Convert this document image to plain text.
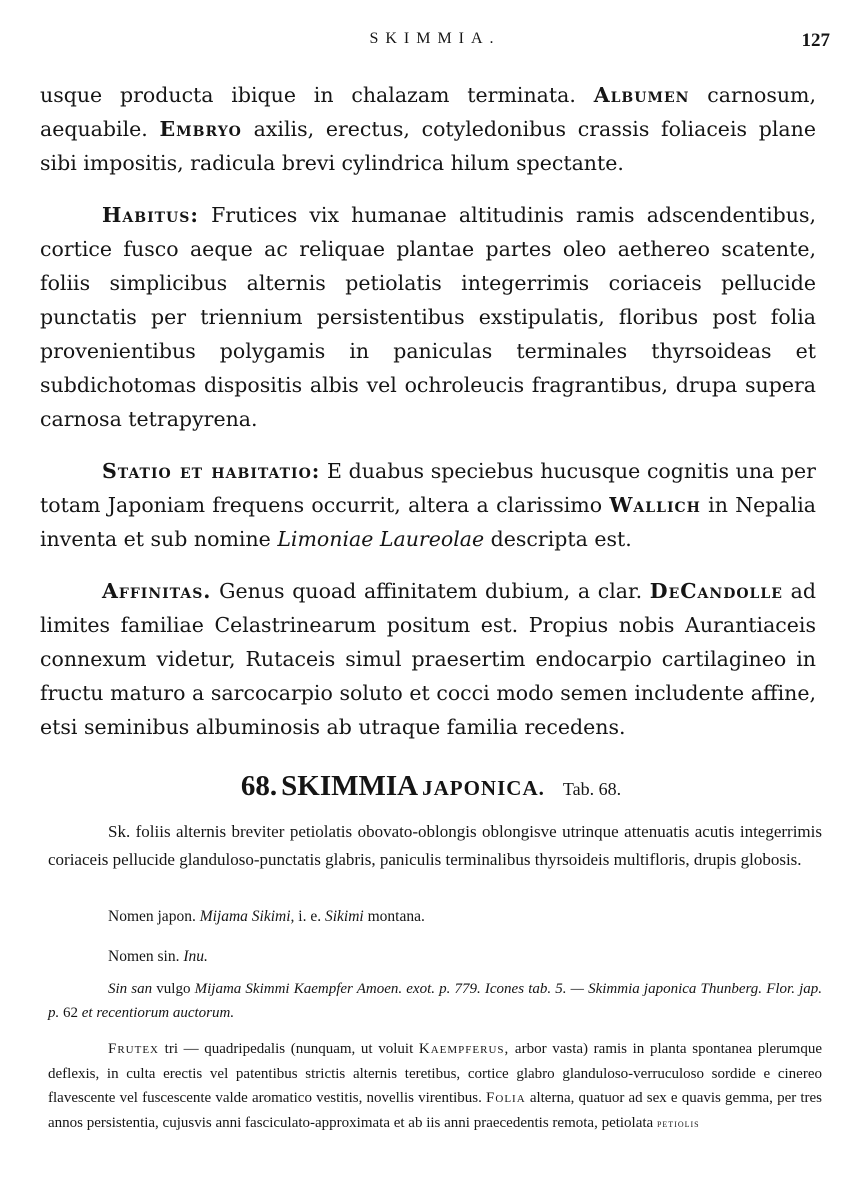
SKIMMIA.	127

usque producta ibique in chalazam terminata. Albumen carnosum, aequabile. Embryo axilis, erectus, cotyledonibus crassis foliaceis plane sibi impositis, radicula brevi cylindrica hilum spectante.

Habitus: Frutices vix humanae altitudinis ramis adscendentibus, cortice fusco aeque ac reliquae plantae partes oleo aethereo scatente, foliis simplicibus alternis petiolatis integerrimis coriaceis pellucide punctatis per triennium persistentibus exstipulatis, floribus post folia provenientibus polygamis in paniculas terminales thyrsoideas et subdichotomas dispositis albis vel ochroleucis fragrantibus, drupa supera carnosa tetrapyrena.

Statio et habitatio: E duabus speciebus hucusque cognitis una per totam Japoniam frequens occurrit, altera a clarissimo Wallich in Nepalia inventa et sub nomine Limoniae Laureolae descripta est.

Affinitas. Genus quoad affinitatem dubium, a clar. DeCandolle ad limites familiae Celastrinearum positum est. Propius nobis Aurantiaceis connexum videtur, Rutaceis simul praesertim endocarpio cartilagineo in fructu maturo a sarcocarpio soluto et cocci modo semen includente affine, etsi seminibus albuminosis ab utraque familia recedens.

68. SKIMMIA JAPONICA. Tab. 68.
Sk. foliis alternis breviter petiolatis obovato-oblongis oblongisve utrinque attenuatis acutis integerrimis coriaceis pellucide glanduloso-punctatis glabris, paniculis terminalibus thyrsoideis multifloris, drupis globosis.
Nomen japon. Mijama Sikimi, i. e. Sikimi montana.
Nomen sin. Inu.
Sin san vulgo Mijama Skimmi Kaempfer Amoen. exot. p. 779. Icones tab. 5. — Skimmia japonica Thunberg. Flor. jap. p. 62 et recentiorum auctorum.
Frutex tri — quadripedalis (nunquam, ut voluit Kaempferus, arbor vasta) ramis in planta spontanea plerumque deflexis, in culta erectis vel patentibus strictis alternis teretibus, cortice glabro glanduloso-verruculoso sordide e cinereo flavescente vel fuscescente valde aromatico vestitis, novellis virentibus. Folia alterna, quatuor ad sex e quavis gemma, per tres annos persistentia, cujusvis anni fasciculato-approximata et ab iis anni praecedentis remota, petiolata petiolis
